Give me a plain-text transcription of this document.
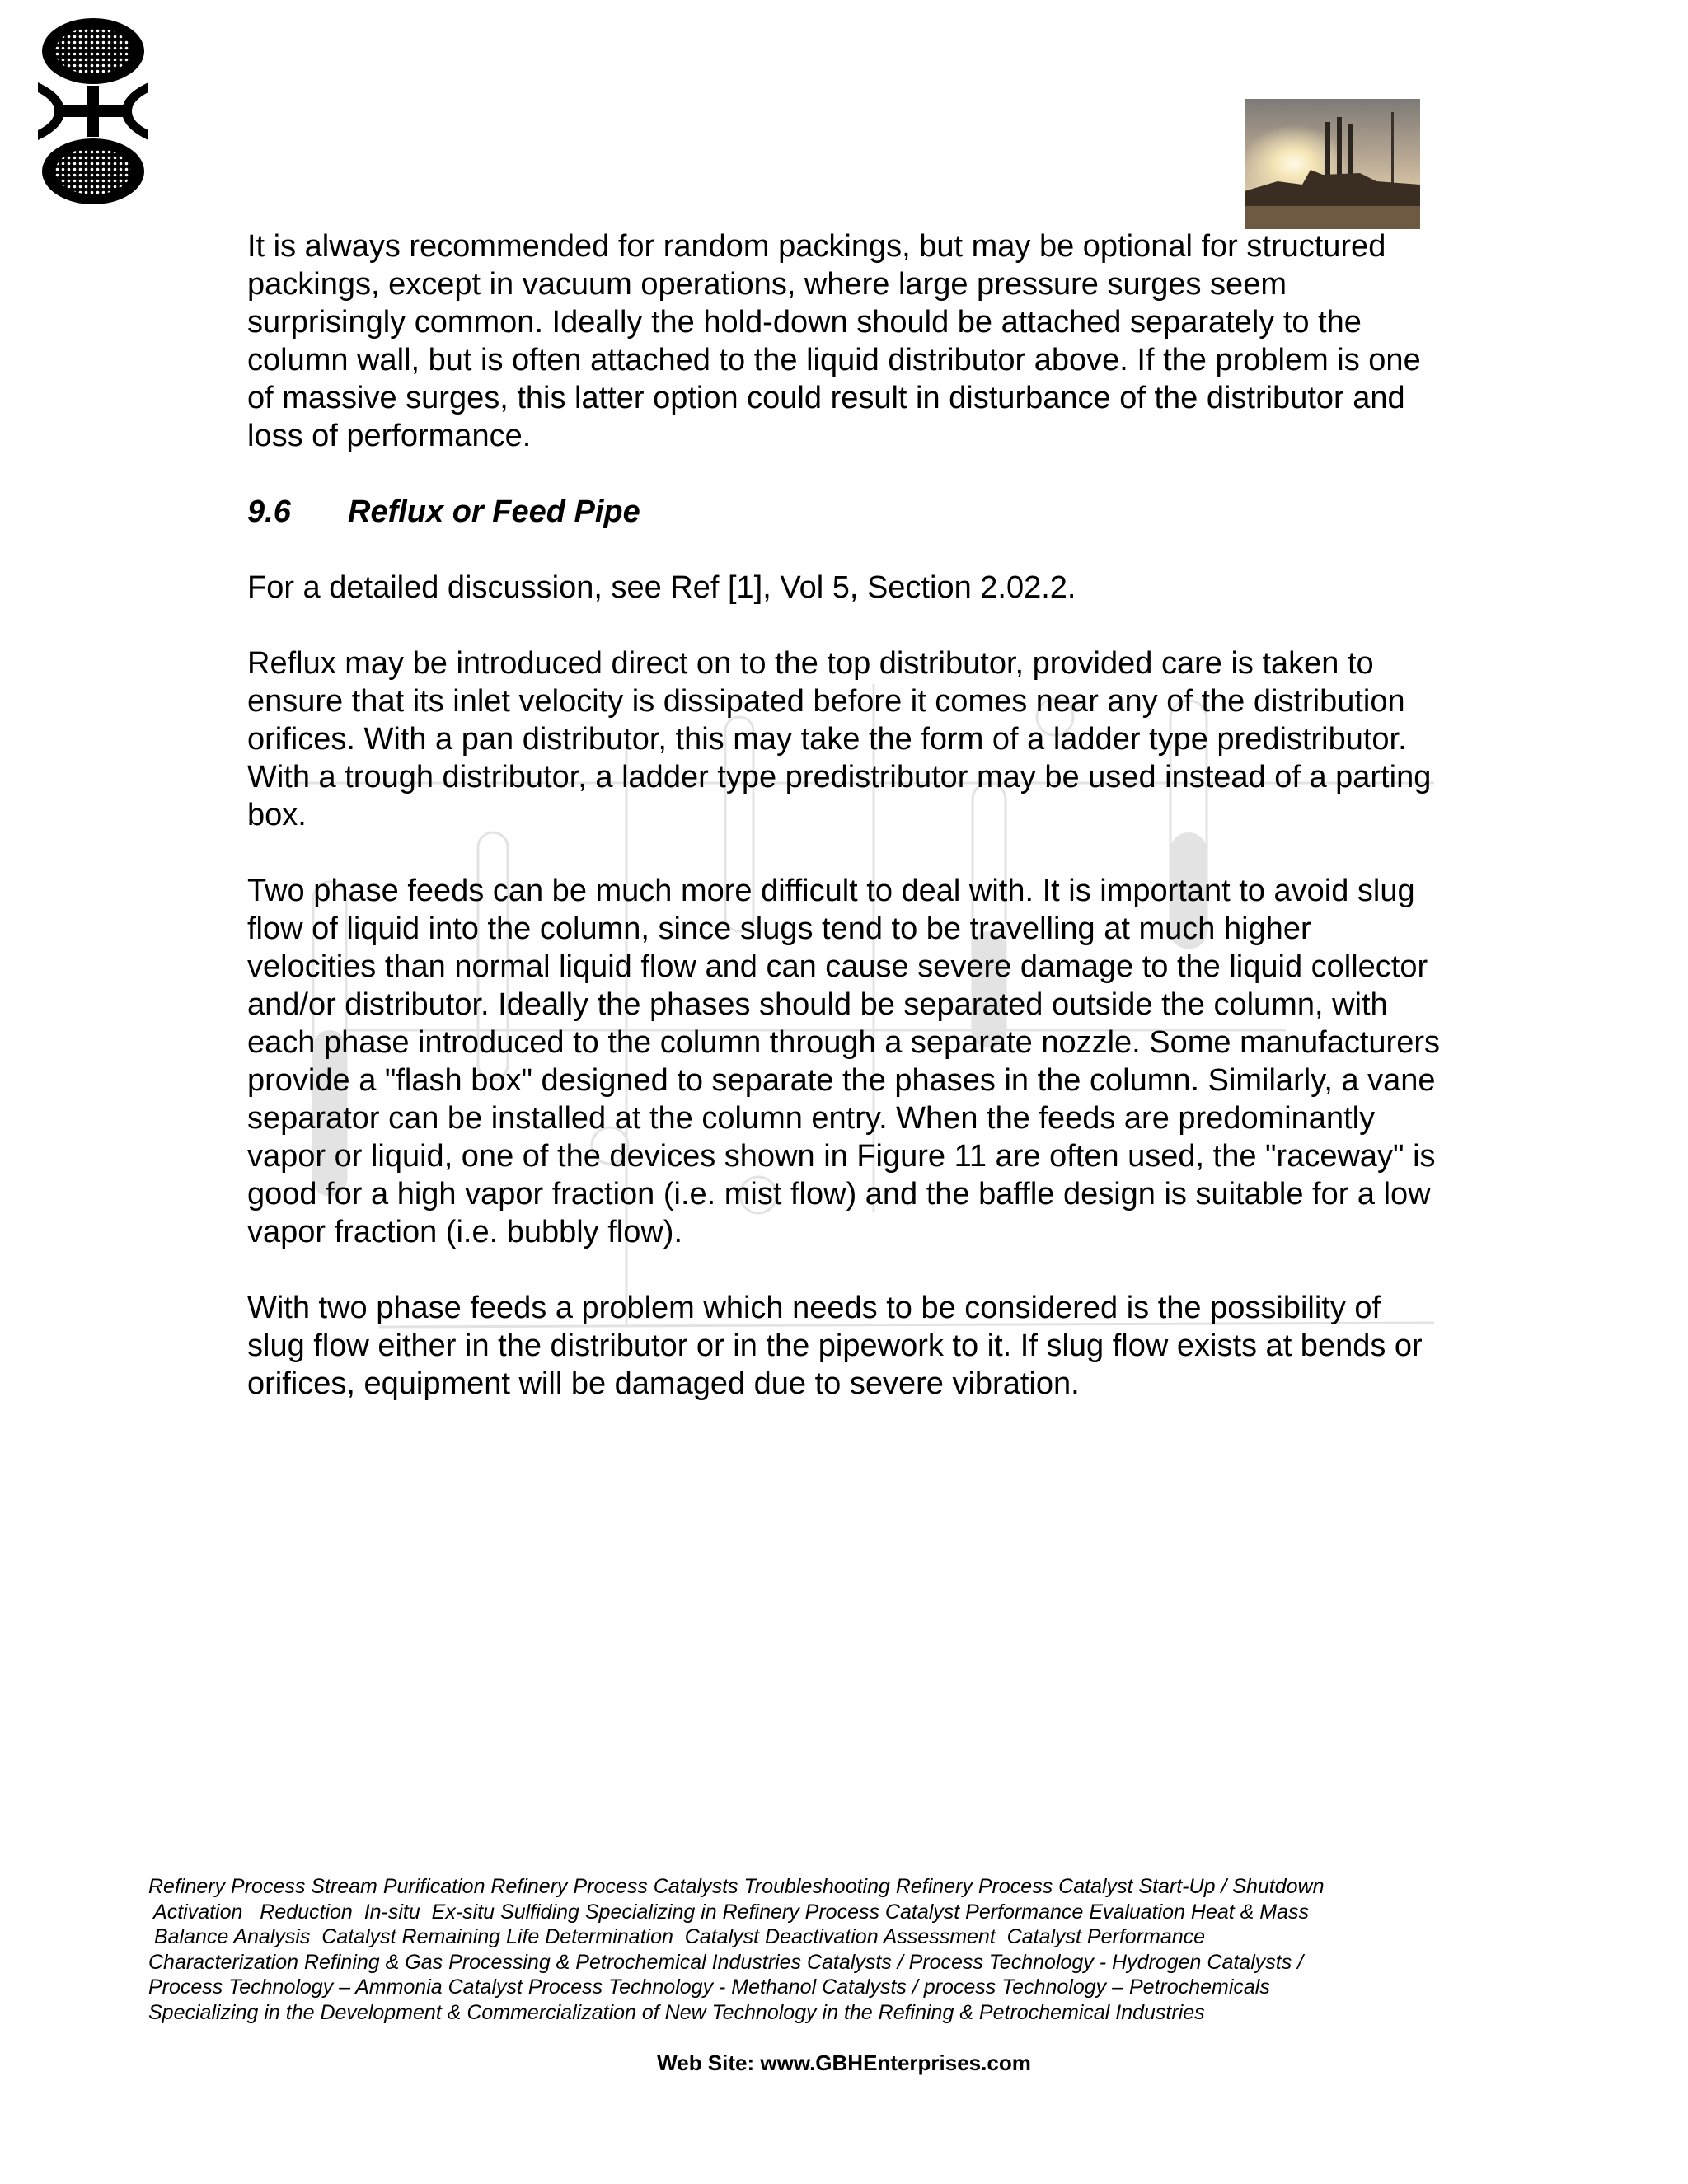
It is always recommended for random packings, but may be optional for structured packings, except in vacuum operations, where large pressure surges seem surprisingly common. Ideally the hold-down should be attached separately to the column wall, but is often attached to the liquid distributor above. If the problem is one of massive surges, this latter option could result in disturbance of the distributor and loss of performance.

9.6	Reflux or Feed Pipe

For a detailed discussion, see Ref [1], Vol 5, Section 2.02.2.

Reflux may be introduced direct on to the top distributor, provided care is taken to ensure that its inlet velocity is dissipated before it comes near any of the distribution orifices. With a pan distributor, this may take the form of a ladder type predistributor. With a trough distributor, a ladder type predistributor may be used instead of a parting box.

Two phase feeds can be much more difficult to deal with. It is important to avoid slug flow of liquid into the column, since slugs tend to be travelling at much higher velocities than normal liquid flow and can cause severe damage to the liquid collector and/or distributor. Ideally the phases should be separated outside the column, with each phase introduced to the column through a separate nozzle. Some manufacturers provide a "flash box" designed to separate the phases in the column. Similarly, a vane separator can be installed at the column entry. When the feeds are predominantly vapor or liquid, one of the devices shown in Figure 11 are often used, the "raceway" is good for a high vapor fraction (i.e. mist flow) and the baffle design is suitable for a low vapor fraction (i.e. bubbly flow).

With two phase feeds a problem which needs to be considered is the possibility of slug flow either in the distributor or in the pipework to it. If slug flow exists at bends or orifices, equipment will be damaged due to severe vibration.

Refinery Process Stream Purification Refinery Process Catalysts Troubleshooting Refinery Process Catalyst Start-Up / Shutdown

Activation   Reduction  In-situ  Ex-situ Sulfiding Specializing in Refinery Process Catalyst Performance Evaluation Heat & Mass

Balance Analysis  Catalyst Remaining Life Determination  Catalyst Deactivation Assessment  Catalyst Performance

Characterization Refining & Gas Processing & Petrochemical Industries Catalysts / Process Technology - Hydrogen Catalysts /

Process Technology – Ammonia Catalyst Process Technology - Methanol Catalysts / process Technology – Petrochemicals

Specializing in the Development & Commercialization of New Technology in the Refining & Petrochemical Industries

Web Site: www.GBHEnterprises.com
